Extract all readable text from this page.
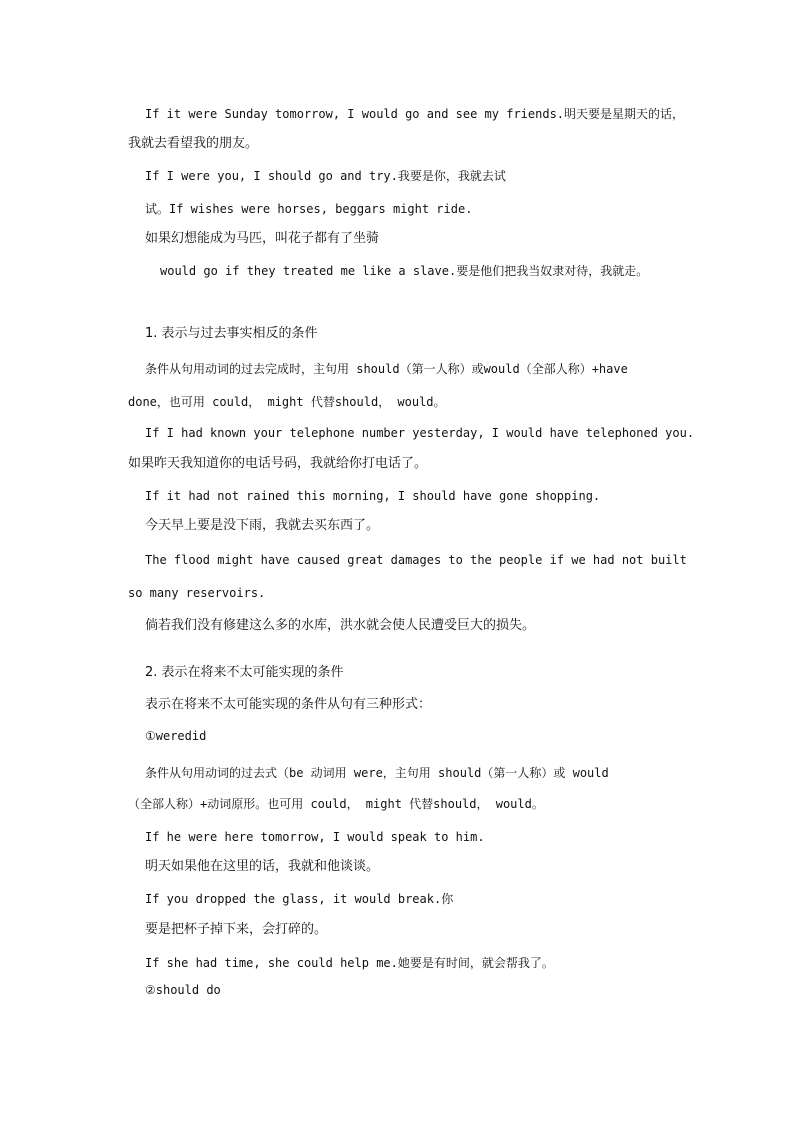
If it were Sunday tomorrow, I would go and see my friends.明天要是星期天的话，
我就去看望我的朋友。
If I were you, I should go and try.我要是你，我就去试
试。If wishes were horses, beggars might ride.
如果幻想能成为马匹，叫花子都有了坐骑
would go if they treated me like a slave.要是他们把我当奴隶对待，我就走。
1. 表示与过去事实相反的条件
条件从句用动词的过去完成时，主句用 should（第一人称）或would（全部人称）+have
done，也可用 could， might 代替should， would。
If I had known your telephone number yesterday, I would have telephoned you.
如果昨天我知道你的电话号码，我就给你打电话了。
If it had not rained this morning, I should have gone shopping.
今天早上要是没下雨，我就去买东西了。
The flood might have caused great damages to the people if we had not built
so many reservoirs.
倘若我们没有修建这么多的水库，洪水就会使人民遭受巨大的损失。
2. 表示在将来不太可能实现的条件
表示在将来不太可能实现的条件从句有三种形式：
①weredid
条件从句用动词的过去式（be 动词用 were，主句用 should（第一人称）或 would
（全部人称）+动词原形。也可用 could， might 代替should， would。
If he were here tomorrow, I would speak to him.
明天如果他在这里的话，我就和他谈谈。
If you dropped the glass, it would break.你
要是把杯子掉下来，会打碎的。
If she had time, she could help me.她要是有时间，就会帮我了。
②should do
